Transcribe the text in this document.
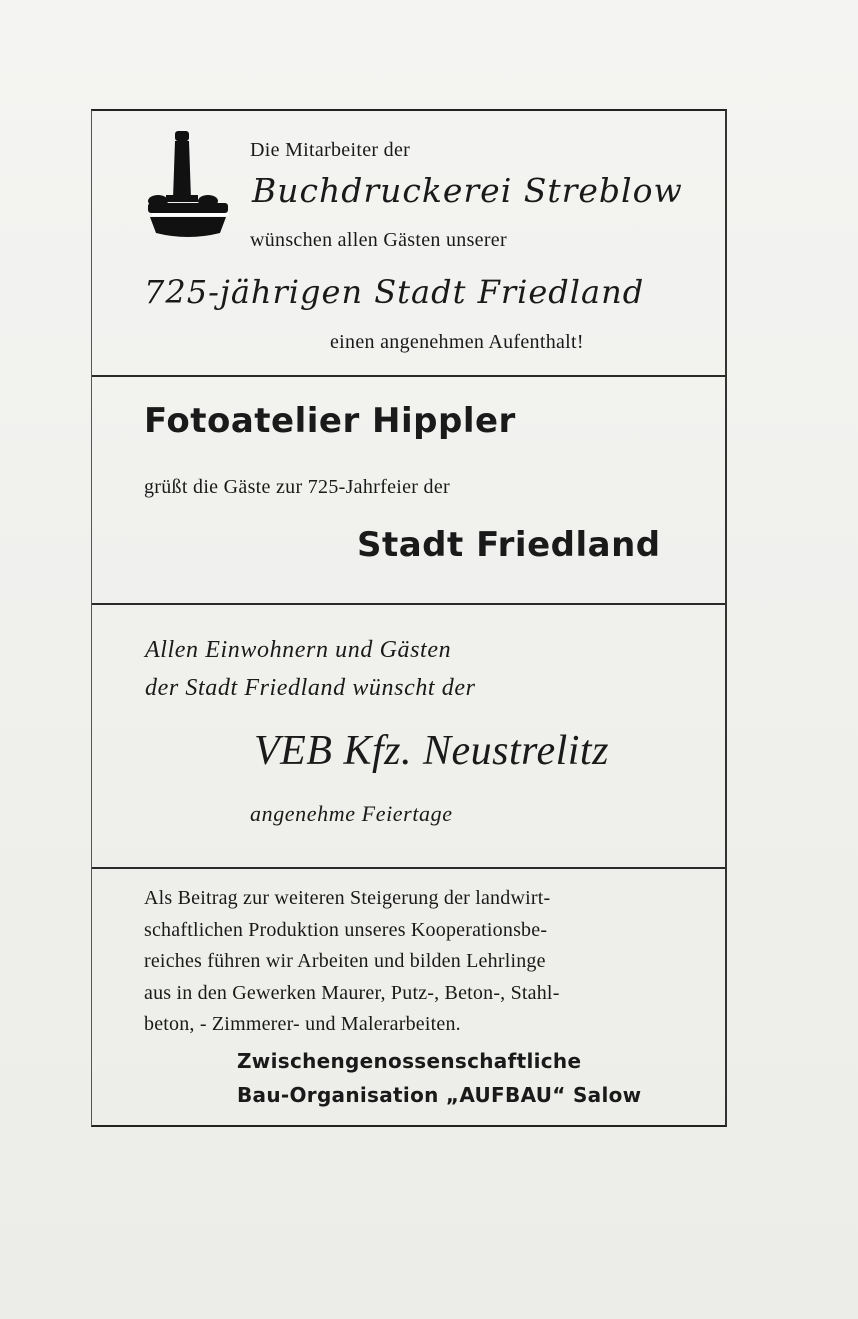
Die Mitarbeiter der
Buchdruckerei Streblow
wünschen allen Gästen unserer
725-jährigen Stadt Friedland
einen angenehmen Aufenthalt!
Fotoatelier Hippler
grüßt die Gäste zur 725-Jahrfeier der
Stadt Friedland
Allen Einwohnern und Gästen
der Stadt Friedland wünscht der
VEB Kfz. Neustrelitz
angenehme Feiertage
Als Beitrag zur weiteren Steigerung der landwirt-
schaftlichen Produktion unseres Kooperationsbe-
reiches führen wir Arbeiten und bilden Lehrlinge
aus in den Gewerken Maurer, Putz-, Beton-, Stahl-
beton, - Zimmerer- und Malerarbeiten.
Zwischengenossenschaftliche
Bau-Organisation „AUFBAU“ Salow
